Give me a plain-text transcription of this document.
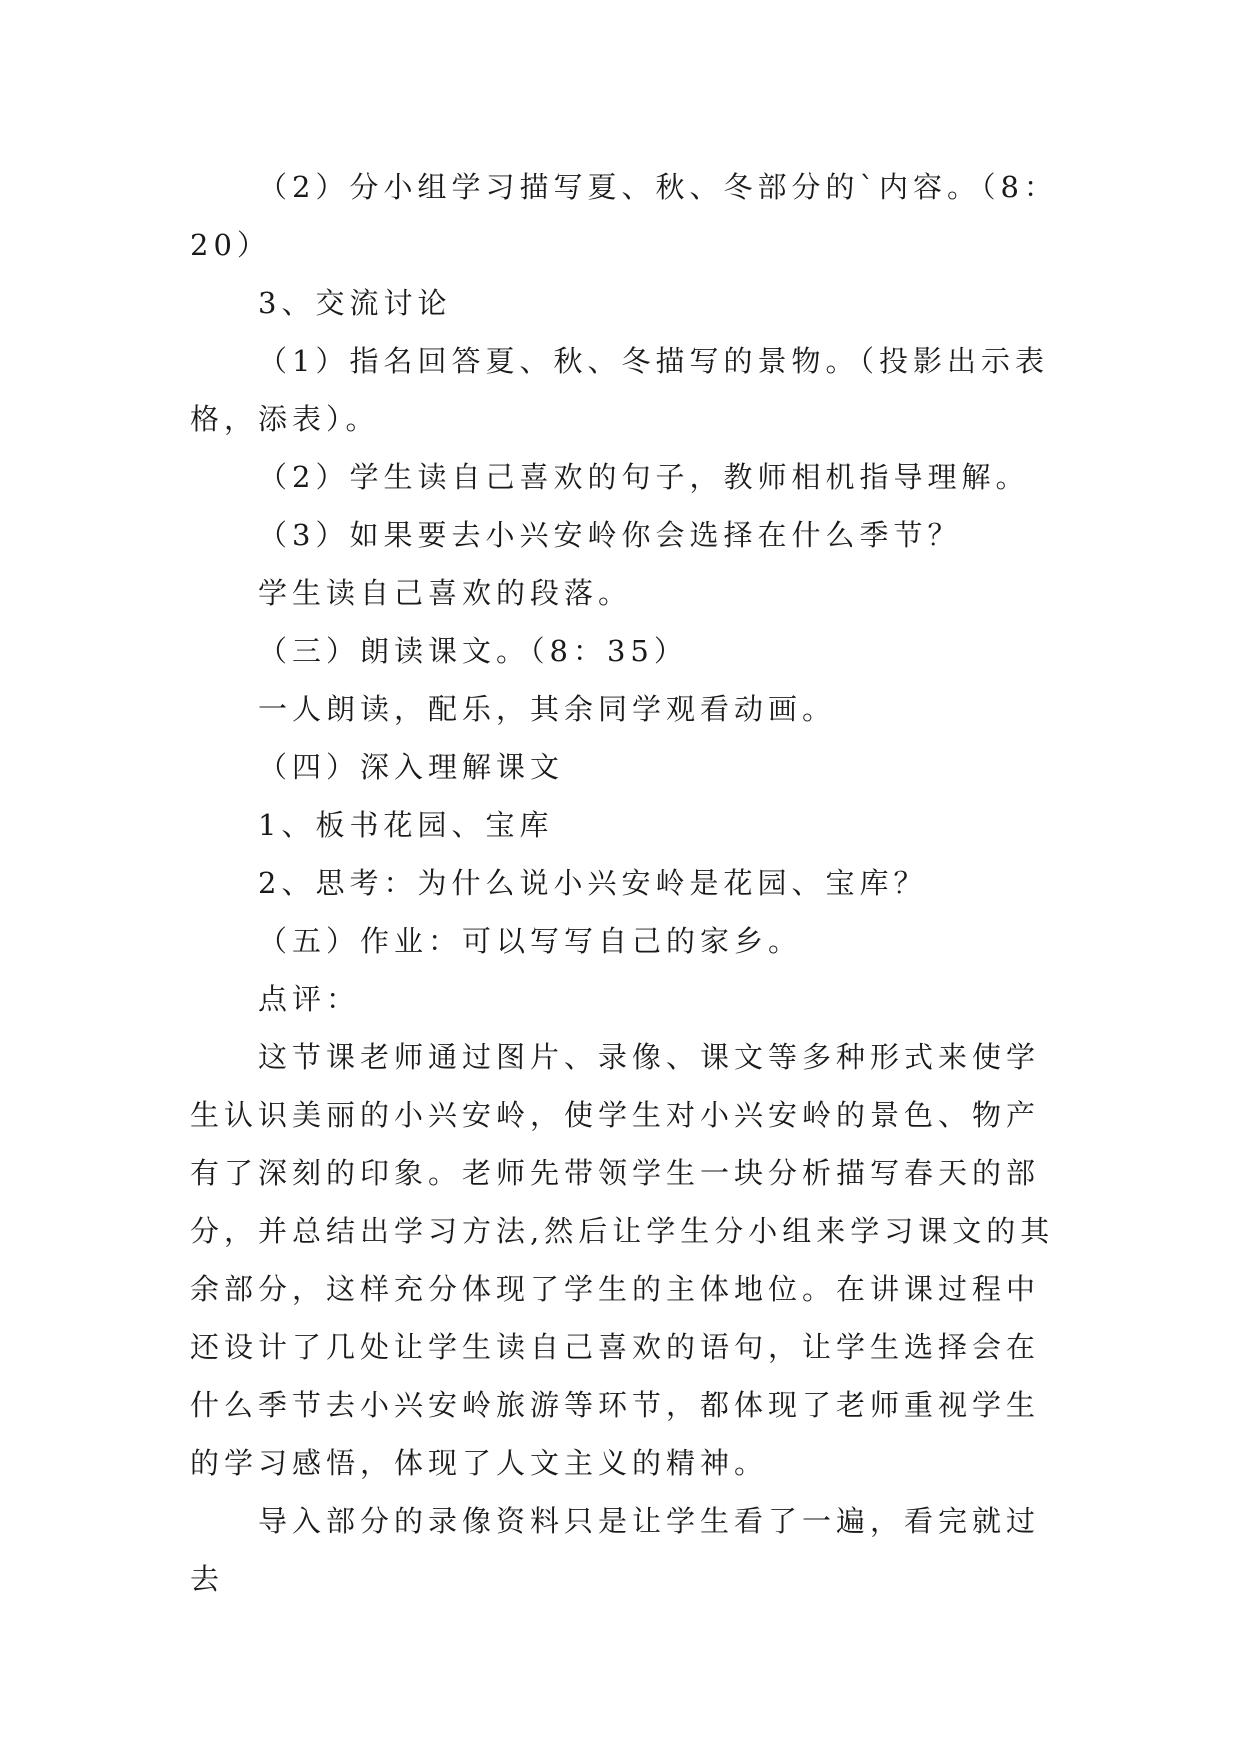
（2）分小组学习描写夏、秋、冬部分的`内容。（8：20）

3、交流讨论

（1）指名回答夏、秋、冬描写的景物。（投影出示表格，添表）。

（2）学生读自己喜欢的句子，教师相机指导理解。

（3）如果要去小兴安岭你会选择在什么季节？

学生读自己喜欢的段落。

（三）朗读课文。（8：35）

一人朗读，配乐，其余同学观看动画。

（四）深入理解课文

1、板书花园、宝库

2、思考：为什么说小兴安岭是花园、宝库？

（五）作业：可以写写自己的家乡。

点评：

这节课老师通过图片、录像、课文等多种形式来使学生认识美丽的小兴安岭，使学生对小兴安岭的景色、物产有了深刻的印象。老师先带领学生一块分析描写春天的部分，并总结出学习方法,然后让学生分小组来学习课文的其余部分，这样充分体现了学生的主体地位。在讲课过程中还设计了几处让学生读自己喜欢的语句，让学生选择会在什么季节去小兴安岭旅游等环节，都体现了老师重视学生的学习感悟，体现了人文主义的精神。

导入部分的录像资料只是让学生看了一遍，看完就过去
